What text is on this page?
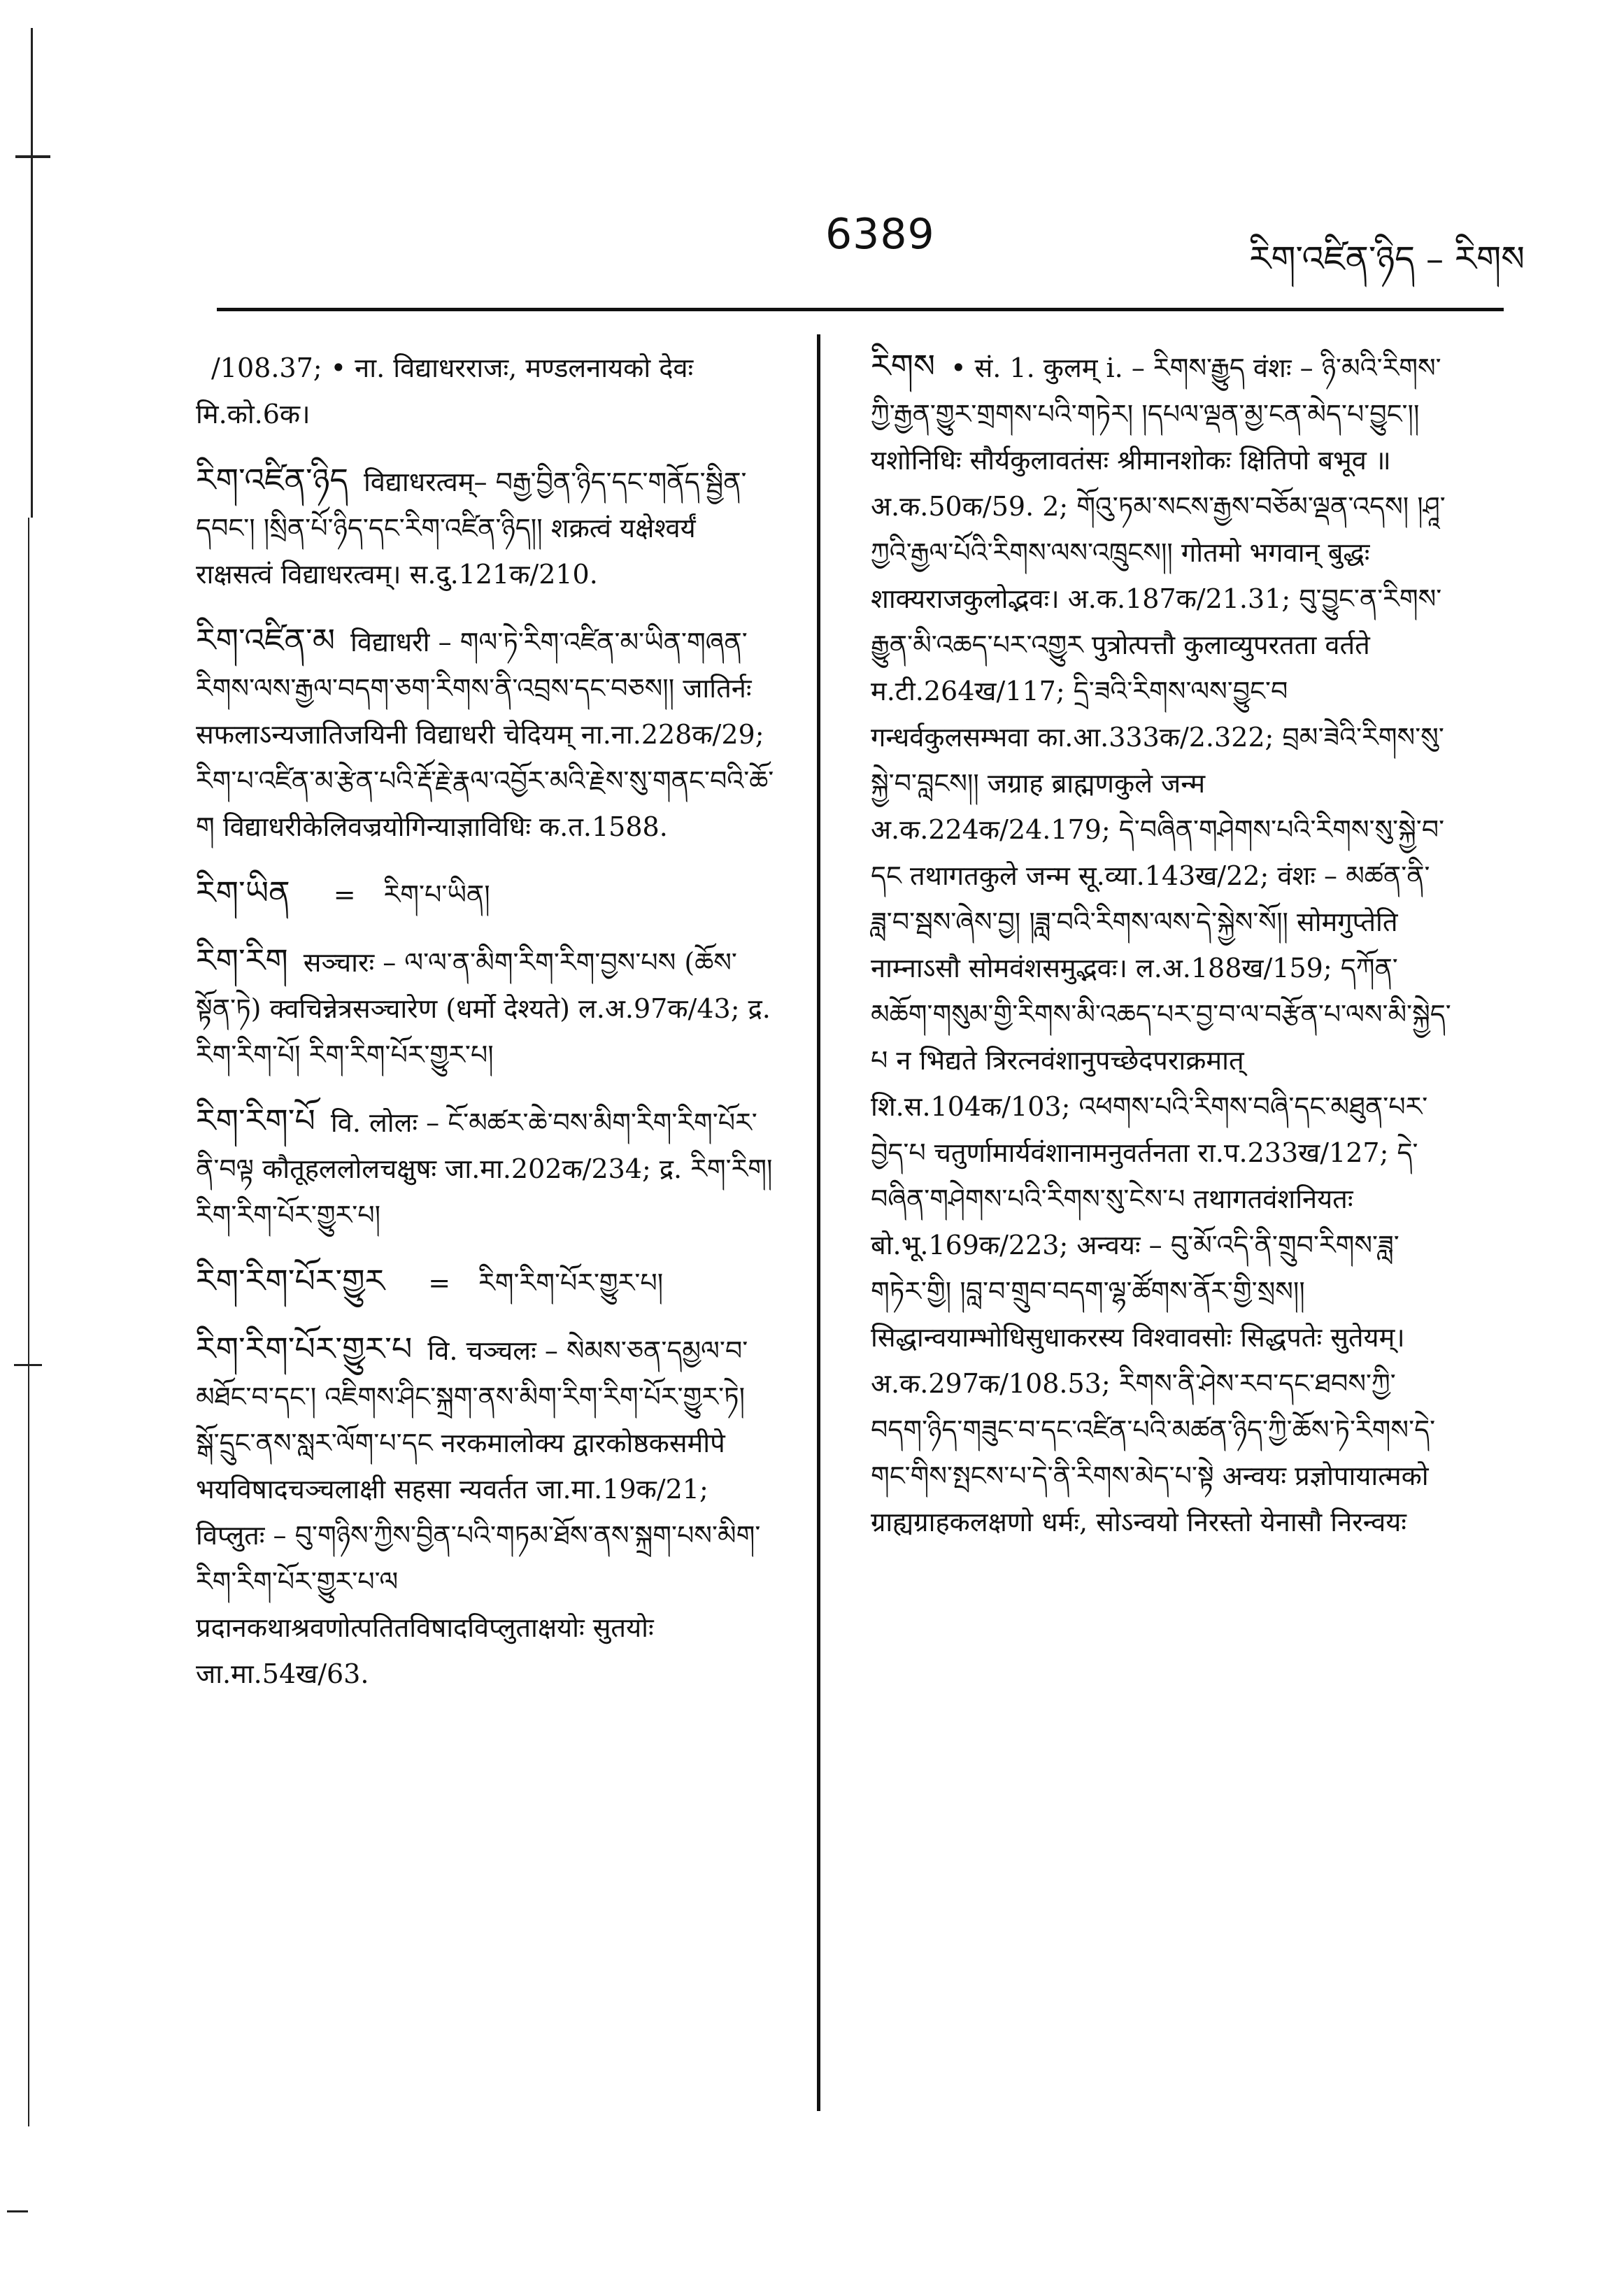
6389	རིག་འཛིན་ཉིད – རིགས

/108.37; • ना. विद्याधरराजः, मण्डलनायको देवः मि.को.6क।

རིག་འཛིན་ཉིད विद्याधरत्वम्– བརྒྱ་བྱིན་ཉིད་དང་གནོད་སྦྱིན་དབང་། །སྲིན་པོ་ཉིད་དང་རིག་འཛིན་ཉིད།། शक्रत्वं यक्षेश्वर्यं राक्षसत्वं विद्याधरत्वम्। स.दु.121क/210.

རིག་འཛིན་མ विद्याधरी – གལ་ཏེ་རིག་འཛིན་མ་ཡིན་གཞན་རིགས་ལས་རྒྱལ་བདག་ཅག་རིགས་ནི་འབྲས་དང་བཅས།། जातिर्नः सफलाऽन्यजातिजयिनी विद्याधरी चेदियम् ना.ना.228क/29; རིག་པ་འཛིན་མ་རྩེན་པའི་རྡོ་རྗེ་རྣལ་འབྱོར་མའི་རྗེས་སུ་གནང་བའི་ཆོ་ག विद्याधरीकेलिवज्रयोगिन्याज्ञाविधिः क.त.1588.

རིག་ཡིན = རིག་པ་ཡིན།

རིག་རིག सञ्चारः – ལ་ལ་ན་མིག་རིག་རིག་བྱས་པས (ཆོས་སྟོན་ཏེ) क्वचिन्नेत्रसञ्चारेण (धर्मो देश्यते) ल.अ.97क/43; द्र. རིག་རིག་པོ། རིག་རིག་པོར་གྱུར་པ།

རིག་རིག་པོ वि. लोलः – ངོ་མཚར་ཆེ་བས་མིག་རིག་རིག་པོར་ནི་བལྟ कौतूहललोलचक्षुषः जा.मा.202क/234; द्र. རིག་རིག། རིག་རིག་པོར་གྱུར་པ།

རིག་རིག་པོར་གྱུར = རིག་རིག་པོར་གྱུར་པ།

རིག་རིག་པོར་གྱུར་པ वि. चञ्चलः – སེམས་ཅན་དམྱལ་བ་མཐོང་བ་དང་། འཇིགས་ཤིང་སྐྲག་ནས་མིག་རིག་རིག་པོར་གྱུར་ཏེ། སྒོ་དྲུང་ནས་སླར་ལོག་པ་དང नरकमालोक्य द्वारकोष्ठकसमीपे भयविषादचञ्चलाक्षी सहसा न्यवर्तत जा.मा.19क/21; विप्लुतः – བུ་གཉིས་ཀྱིས་བྱིན་པའི་གཏམ་ཐོས་ནས་སྐྲག་པས་མིག་རིག་རིག་པོར་གྱུར་པ་ལ प्रदानकथाश्रवणोत्पतितविषादविप्लुताक्षयोः सुतयोः जा.मा.54ख/63.

རིགས • सं. 1. कुलम् i. – རིགས་རྒྱུད वंशः – ཉི་མའི་རིགས་ཀྱི་རྒྱན་གྱུར་གྲགས་པའི་གཏེར། །དཔལ་ལྡན་མྱ་ངན་མེད་པ་བྱུང་།། यशोनिधिः सौर्यकुलावतंसः श्रीमानशोकः क्षितिपो बभूव ॥ अ.क.50क/59. 2; གོའུ་ཏམ་སངས་རྒྱས་བཅོམ་ལྡན་འདས། །ཤཱ་ཀྱའི་རྒྱལ་པོའི་རིགས་ལས་འཁྲུངས།། गोतमो भगवान् बुद्धः शाक्यराजकुलोद्भवः। अ.क.187क/21.31; བུ་བྱུང་ན་རིགས་རྒྱུན་མི་འཆད་པར་འགྱུར पुत्रोत्पत्तौ कुलाव्युपरतता वर्तते म.टी.264ख/117; དྲི་ཟའི་རིགས་ལས་བྱུང་བ गन्धर्वकुलसम्भवा का.आ.333क/2.322; བྲམ་ཟེའི་རིགས་སུ་སྐྱེ་བ་བླངས།། जग्राह ब्राह्मणकुले जन्म अ.क.224क/24.179; དེ་བཞིན་གཤེགས་པའི་རིགས་སུ་སྐྱེ་བ་དང तथागतकुले जन्म सू.व्या.143ख/22; वंशः – མཚན་ནི་ཟླ་བ་སྦས་ཞེས་བྱ། །ཟླ་བའི་རིགས་ལས་དེ་སྐྱེས་སོ།། सोमगुप्तेति नाम्नाऽसौ सोमवंशसमुद्भवः। ल.अ.188ख/159; དཀོན་མཆོག་གསུམ་གྱི་རིགས་མི་འཆད་པར་བྱ་བ་ལ་བརྩོན་པ་ལས་མི་སྐྱེད་པ न भिद्यते त्रिरत्नवंशानुपच्छेदपराक्रमात् शि.स.104क/103; འཕགས་པའི་རིགས་བཞི་དང་མཐུན་པར་བྱེད་པ चतुर्णामार्यवंशानामनुवर्तनता रा.प.233ख/127; དེ་བཞིན་གཤེགས་པའི་རིགས་སུ་ངེས་པ तथागतवंशनियतः बो.भू.169क/223; अन्वयः – བུ་མོ་འདི་ནི་གྲུབ་རིགས་ཟླ་གཏེར་གྱི། །བླ་བ་གྲུབ་བདག་ལྷ་ཚོགས་ནོར་གྱི་སྲས།། सिद्धान्वयाम्भोधिसुधाकरस्य विश्वावसोः सिद्धपतेः सुतेयम्। अ.क.297क/108.53; རིགས་ནི་ཤེས་རབ་དང་ཐབས་ཀྱི་བདག་ཉིད་གཟུང་བ་དང་འཛིན་པའི་མཚན་ཉིད་ཀྱི་ཆོས་ཏེ་རིགས་དེ་གང་གིས་སྤངས་པ་དེ་ནི་རིགས་མེད་པ་སྟེ अन्वयः प्रज्ञोपायात्मको ग्राह्यग्राहकलक्षणो धर्मः, सोऽन्वयो निरस्तो येनासौ निरन्वयः
